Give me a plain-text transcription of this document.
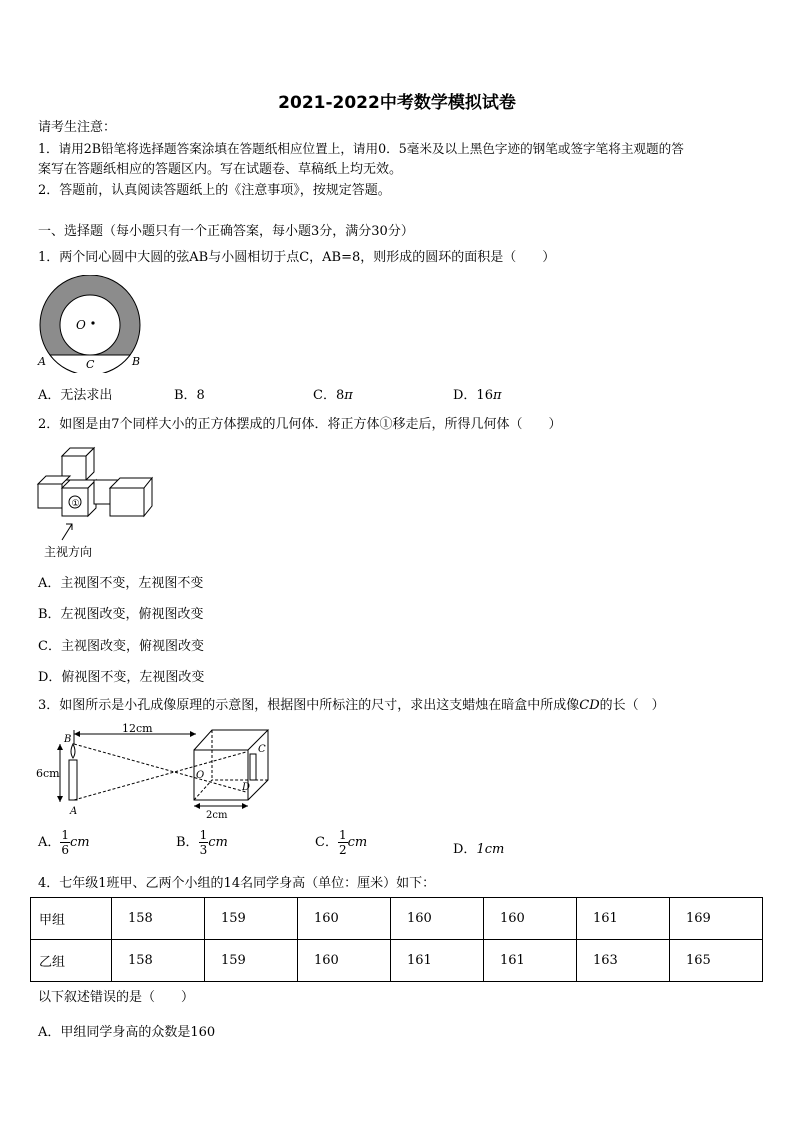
2021-2022中考数学模拟试卷
请考生注意：
1．请用2B铅笔将选择题答案涂填在答题纸相应位置上，请用0．5毫米及以上黑色字迹的钢笔或签字笔将主观题的答
案写在答题纸相应的答题区内。写在试题卷、草稿纸上均无效。
2．答题前，认真阅读答题纸上的《注意事项》，按规定答题。
一、选择题（每小题只有一个正确答案，每小题3分，满分30分）
1．两个同心圆中大圆的弦AB与小圆相切于点C，AB=8，则形成的圆环的面积是（　　）
O
A	C	B
A．无法求出	B．8	C．8π	D．16π
2．如图是由7个同样大小的正方体摆成的几何体．将正方体①移走后，所得几何体（　　）
①
主视方向
A．主视图不变，左视图不变
B．左视图改变，俯视图改变
C．主视图改变，俯视图改变
D．俯视图不变，左视图改变
3．如图所示是小孔成像原理的示意图，根据图中所标注的尺寸，求出这支蜡烛在暗盒中所成像CD的长（　）
12cm
6cm
B
A
O
C
D
2cm
A． $\frac{1}{6}$ cm	B． $\frac{1}{3}$ cm	C． $\frac{1}{2}$ cm	D．1cm
4．七年级1班甲、乙两个小组的14名同学身高（单位：厘米）如下：
甲组	158	159	160	160	160	161	169
乙组	158	159	160	161	161	163	165
以下叙述错误的是（　　）
A．甲组同学身高的众数是160
